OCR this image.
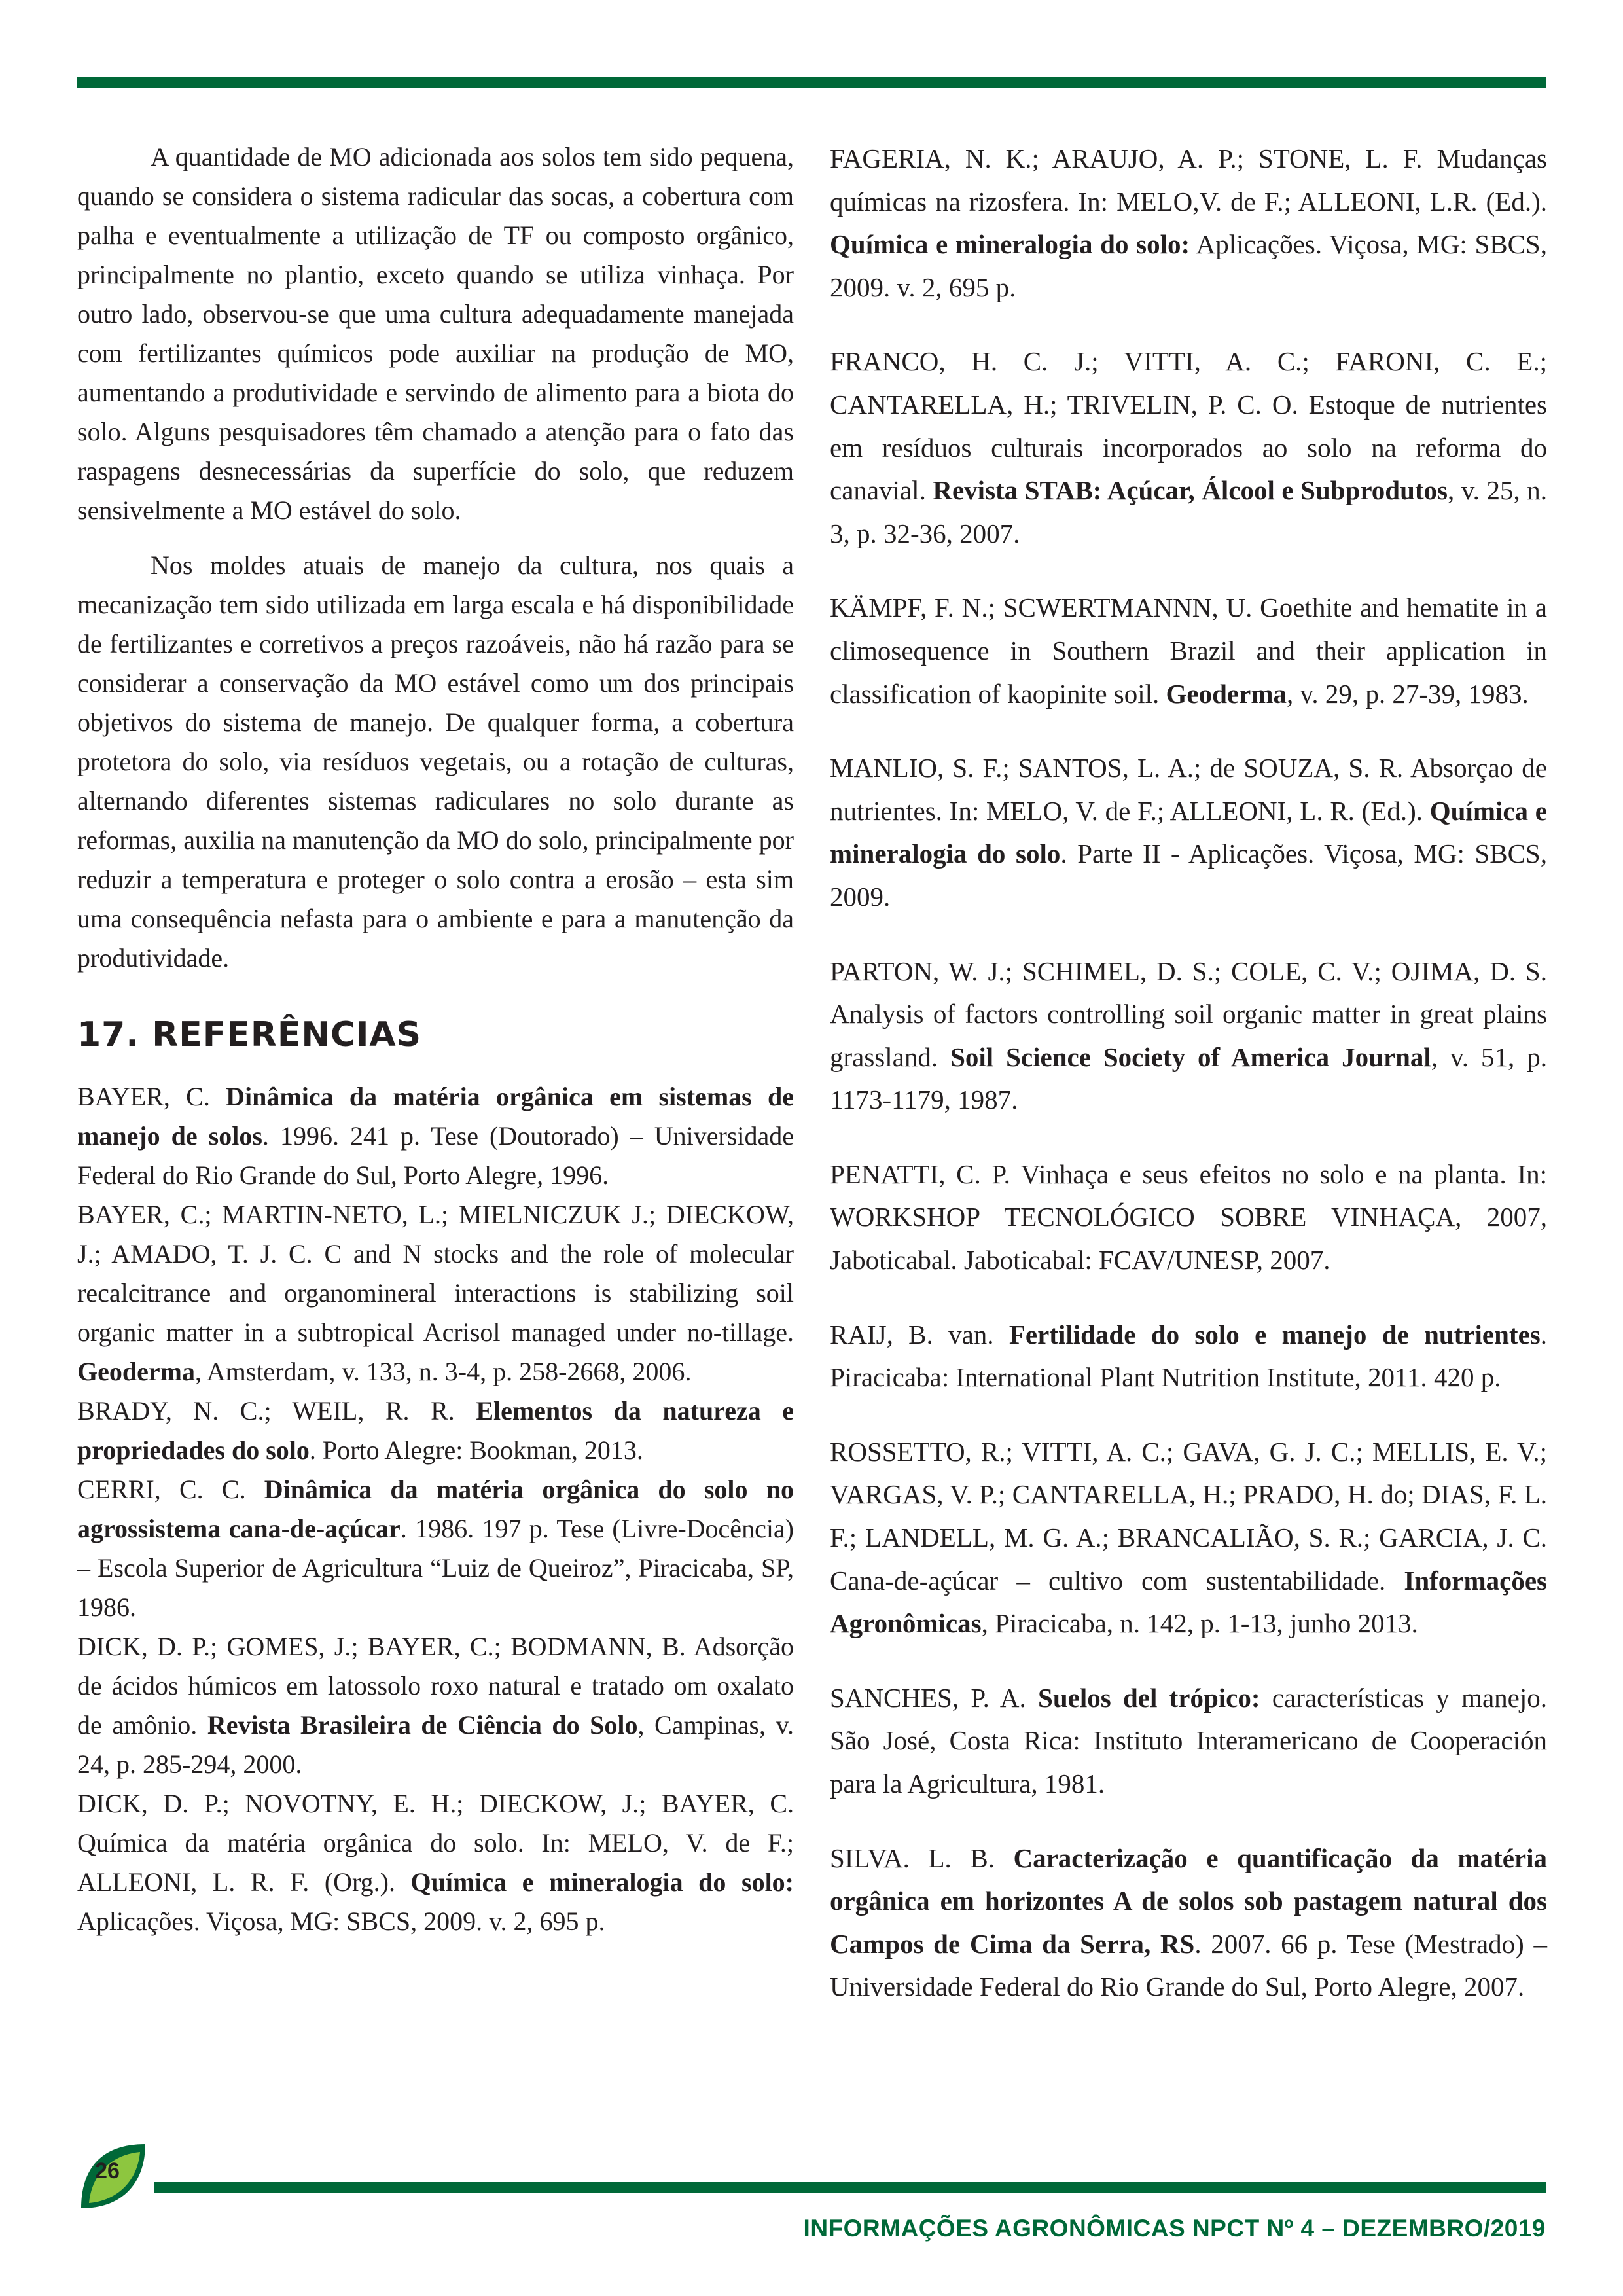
A quantidade de MO adicionada aos solos tem sido pequena, quando se considera o sistema radicular das socas, a cobertura com palha e eventualmente a utilização de TF ou composto orgânico, principalmente no plantio, exceto quando se utiliza vinhaça. Por outro lado, observou-se que uma cultura adequadamente manejada com fertilizantes químicos pode auxiliar na produção de MO, aumentando a produtividade e servindo de alimento para a biota do solo. Alguns pesquisadores têm chamado a atenção para o fato das raspagens desnecessárias da superfície do solo, que reduzem sensivelmente a MO estável do solo.

Nos moldes atuais de manejo da cultura, nos quais a mecanização tem sido utilizada em larga escala e há disponibilidade de fertilizantes e corretivos a preços razoáveis, não há razão para se considerar a conservação da MO estável como um dos principais objetivos do sistema de manejo. De qualquer forma, a cobertura protetora do solo, via resíduos vegetais, ou a rotação de culturas, alternando diferentes sistemas radiculares no solo durante as reformas, auxilia na manutenção da MO do solo, principalmente por reduzir a temperatura e proteger o solo contra a erosão – esta sim uma consequência nefasta para o ambiente e para a manutenção da produtividade.

17. REFERÊNCIAS

BAYER, C. Dinâmica da matéria orgânica em sistemas de manejo de solos. 1996. 241 p. Tese (Doutorado) – Universidade Federal do Rio Grande do Sul, Porto Alegre, 1996.

BAYER, C.; MARTIN-NETO, L.; MIELNICZUK J.; DIECKOW, J.; AMADO, T. J. C. C and N stocks and the role of molecular recalcitrance and organomineral interactions is stabilizing soil organic matter in a subtropical Acrisol managed under no-tillage. Geoderma, Amsterdam, v. 133, n. 3-4, p. 258-2668, 2006.

BRADY, N. C.; WEIL, R. R. Elementos da natureza e propriedades do solo. Porto Alegre: Bookman, 2013.

CERRI, C. C. Dinâmica da matéria orgânica do solo no agrossistema cana-de-açúcar. 1986. 197 p. Tese (Livre-Docência) – Escola Superior de Agricultura “Luiz de Queiroz”, Piracicaba, SP, 1986.

DICK, D. P.; GOMES, J.; BAYER, C.; BODMANN, B. Adsorção de ácidos húmicos em latossolo roxo natural e tratado om oxalato de amônio. Revista Brasileira de Ciência do Solo, Campinas, v. 24, p. 285-294, 2000.

DICK, D. P.; NOVOTNY, E. H.; DIECKOW, J.; BAYER, C. Química da matéria orgânica do solo. In: MELO, V. de F.; ALLEONI, L. R. F. (Org.). Química e mineralogia do solo: Aplicações. Viçosa, MG: SBCS, 2009. v. 2, 695 p.

FAGERIA, N. K.; ARAUJO, A. P.; STONE, L. F. Mudanças químicas na rizosfera. In: MELO,V. de F.; ALLEONI, L.R. (Ed.). Química e mineralogia do solo: Aplicações. Viçosa, MG: SBCS, 2009. v. 2, 695 p.

FRANCO, H. C. J.; VITTI, A. C.; FARONI, C. E.; CANTARELLA, H.; TRIVELIN, P. C. O. Estoque de nutrientes em resíduos culturais incorporados ao solo na reforma do canavial. Revista STAB: Açúcar, Álcool e Subprodutos, v. 25, n. 3, p. 32-36, 2007.

KÄMPF, F. N.; SCWERTMANNN, U. Goethite and hematite in a climosequence in Southern Brazil and their application in classification of kaopinite soil. Geoderma, v. 29, p. 27-39, 1983.

MANLIO, S. F.; SANTOS, L. A.; de SOUZA, S. R. Absorçao de nutrientes. In: MELO, V. de F.; ALLEONI, L. R. (Ed.). Química e mineralogia do solo. Parte II - Aplicações. Viçosa, MG: SBCS, 2009.

PARTON, W. J.; SCHIMEL, D. S.; COLE, C. V.; OJIMA, D. S. Analysis of factors controlling soil organic matter in great plains grassland. Soil Science Society of America Journal, v. 51, p. 1173-1179, 1987.

PENATTI, C. P. Vinhaça e seus efeitos no solo e na planta. In: WORKSHOP TECNOLÓGICO SOBRE VINHAÇA, 2007, Jaboticabal. Jaboticabal: FCAV/UNESP, 2007.

RAIJ, B. van. Fertilidade do solo e manejo de nutrientes. Piracicaba: International Plant Nutrition Institute, 2011. 420 p.

ROSSETTO, R.; VITTI, A. C.; GAVA, G. J. C.; MELLIS, E. V.; VARGAS, V. P.; CANTARELLA, H.; PRADO, H. do; DIAS, F. L. F.; LANDELL, M. G. A.; BRANCALIÃO, S. R.; GARCIA, J. C. Cana-de-açúcar – cultivo com sustentabilidade. Informações Agronômicas, Piracicaba, n. 142, p. 1-13, junho 2013.

SANCHES, P. A. Suelos del trópico: características y manejo. São José, Costa Rica: Instituto Interamericano de Cooperación para la Agricultura, 1981.

SILVA. L. B. Caracterização e quantificação da matéria orgânica em horizontes A de solos sob pastagem natural dos Campos de Cima da Serra, RS. 2007. 66 p. Tese (Mestrado) – Universidade Federal do Rio Grande do Sul, Porto Alegre, 2007.

26
INFORMAÇÕES AGRONÔMICAS NPCT Nº 4 – DEZEMBRO/2019
